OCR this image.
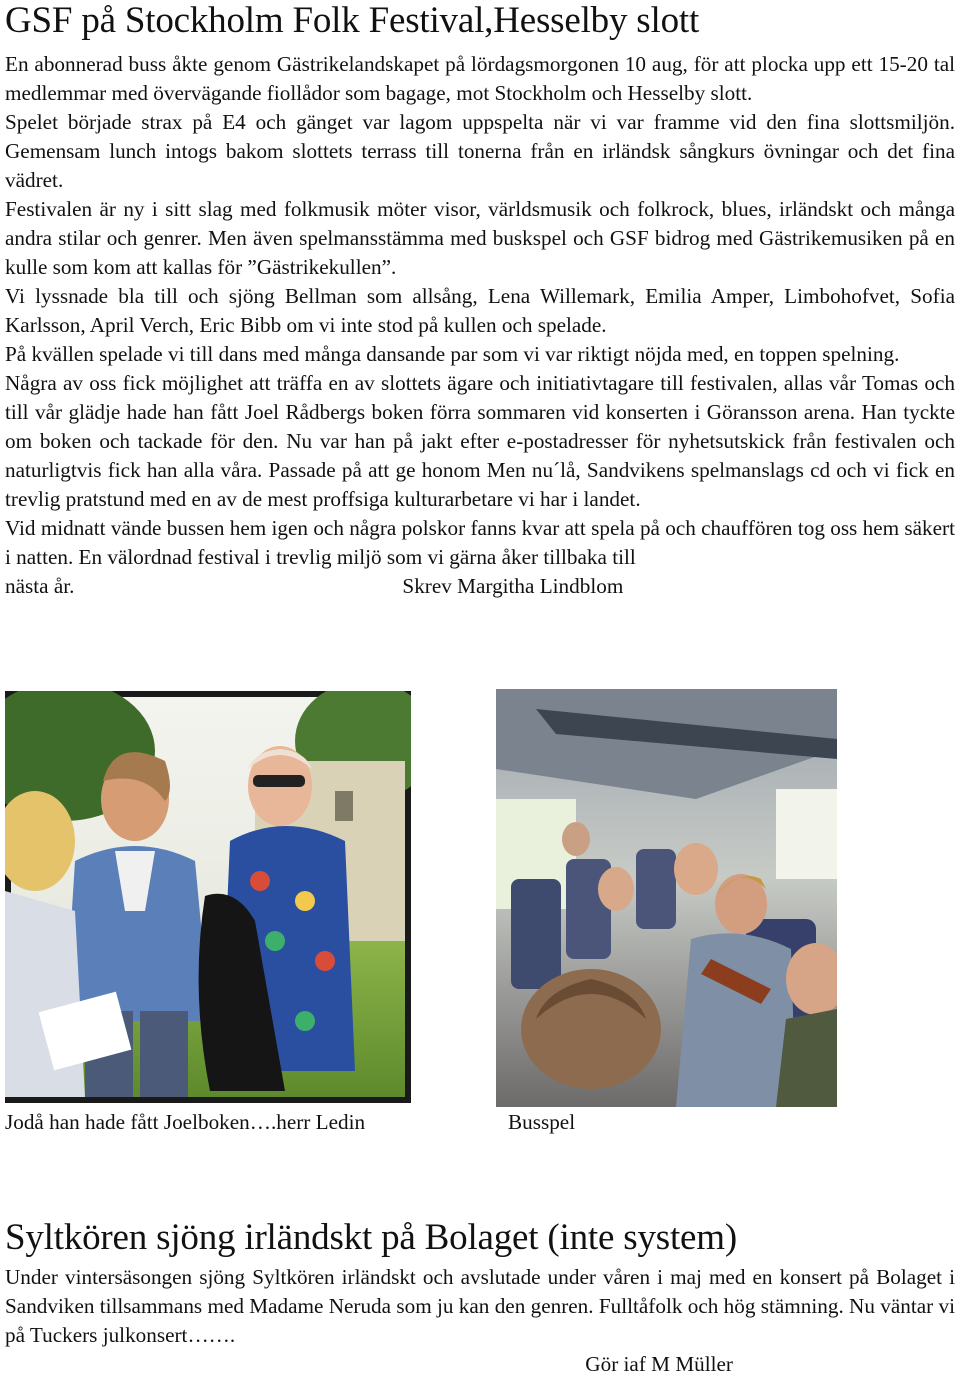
GSF på Stockholm Folk Festival,Hesselby slott

En abonnerad buss åkte genom Gästrikelandskapet på lördagsmorgonen 10 aug, för att plocka upp ett 15-20 tal medlemmar med övervägande fiollådor som bagage, mot Stockholm och Hesselby slott.

Spelet började strax på E4 och gänget var lagom uppspelta när vi var framme vid den fina slottsmiljön. Gemensam lunch intogs bakom slottets terrass till tonerna från en irländsk sångkurs övningar och det fina vädret.

Festivalen är ny i sitt slag med folkmusik möter visor, världsmusik och folkrock, blues, irländskt och många andra stilar och genrer. Men även spelmansstämma med buskspel och GSF bidrog med Gästrikemusiken på en kulle som kom att kallas för ”Gästrikekullen”.

Vi lyssnade bla till och sjöng Bellman som allsång, Lena Willemark, Emilia Amper, Limbohofvet, Sofia Karlsson, April Verch, Eric Bibb om vi inte stod på kullen och spelade.

På kvällen spelade vi till dans med många dansande par som vi var riktigt nöjda med, en toppen spelning.

Några av oss fick möjlighet att träffa en av slottets ägare och initiativtagare till festivalen, allas vår Tomas och till vår glädje hade han fått Joel Rådbergs boken förra sommaren vid konserten i Göransson arena. Han tyckte om boken och tackade för den. Nu var han på jakt efter e-postadresser för nyhetsutskick från festivalen och naturligtvis fick han alla våra. Passade på att ge honom Men nu´lå, Sandvikens spelmanslags cd och vi fick en trevlig pratstund med en av de mest proffsiga kulturarbetare vi har i landet.

Vid midnatt vände bussen hem igen och några polskor fanns kvar att spela på och chauffören tog oss hem säkert i natten. En välordnad festival i trevlig miljö som vi gärna åker tillbaka till

nästa år.	Skrev Margitha Lindblom
Jodå han hade fått Joelboken….herr Ledin	Busspel
Syltkören sjöng irländskt på Bolaget (inte system)

Under vintersäsongen sjöng Syltkören irländskt och avslutade under våren i maj med en konsert på Bolaget i Sandviken tillsammans med Madame Neruda som ju kan den genren. Fulltåfolk och hög stämning. Nu väntar vi på Tuckers julkonsert…….

Gör iaf M Müller
